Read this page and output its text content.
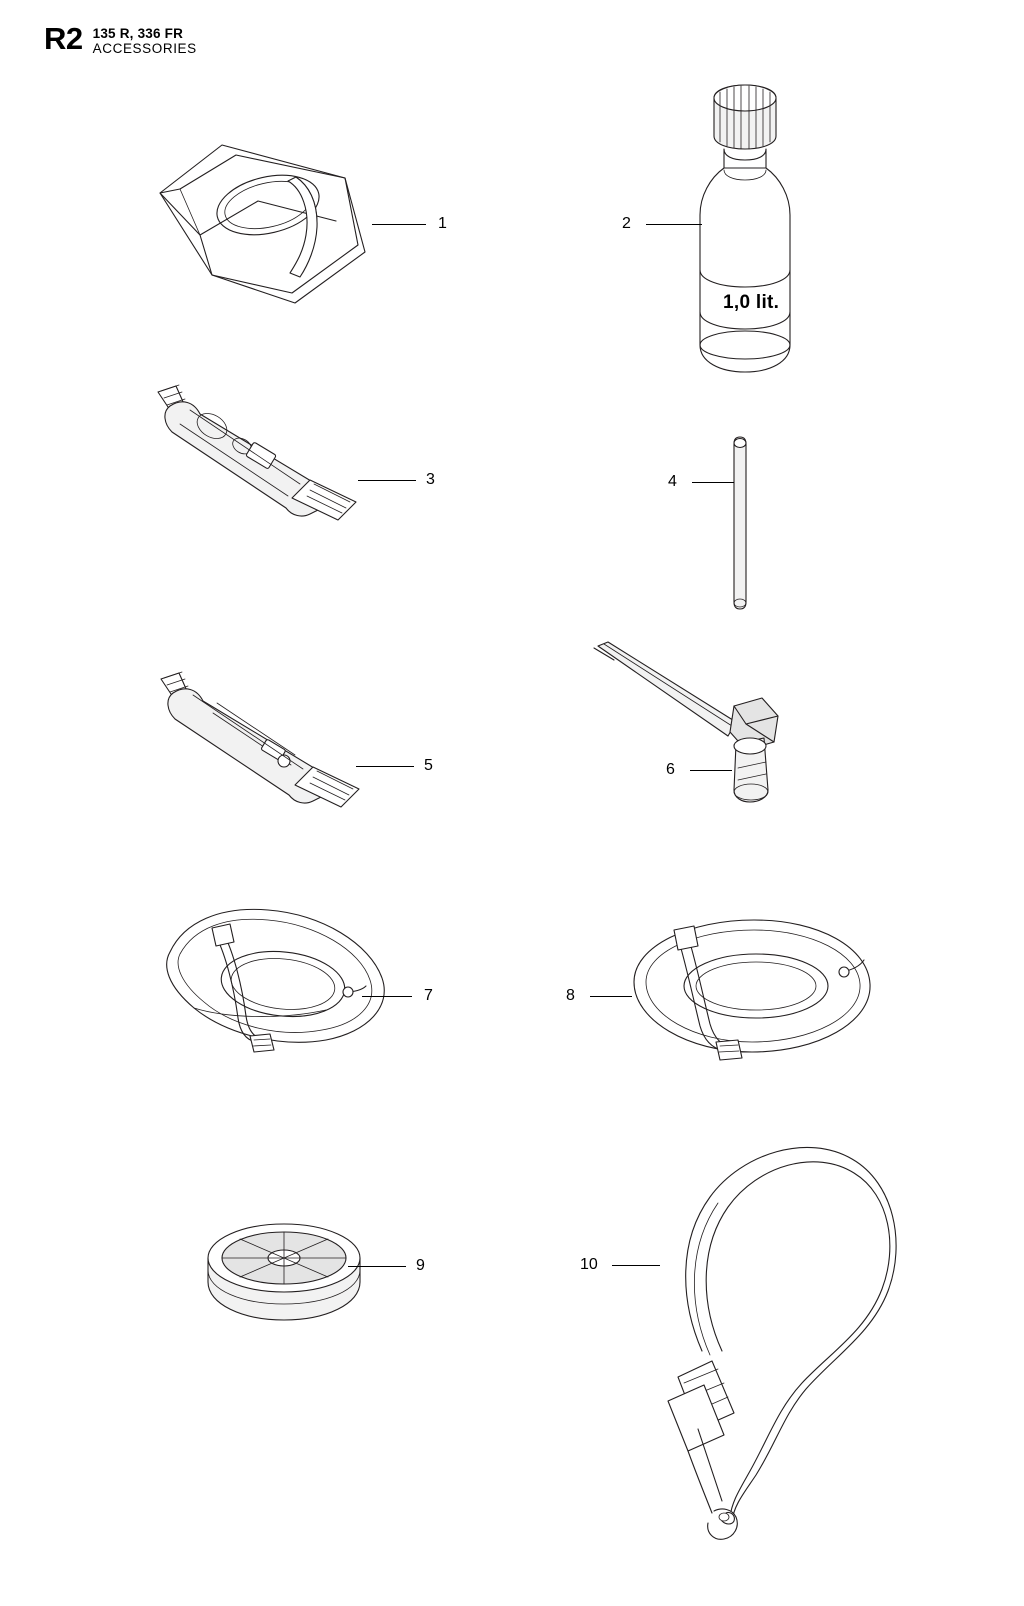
R2 135 R, 336 FR
ACCESSORIES
1
1,0 lit.
2
3	4
5	6
7	8
9	10
